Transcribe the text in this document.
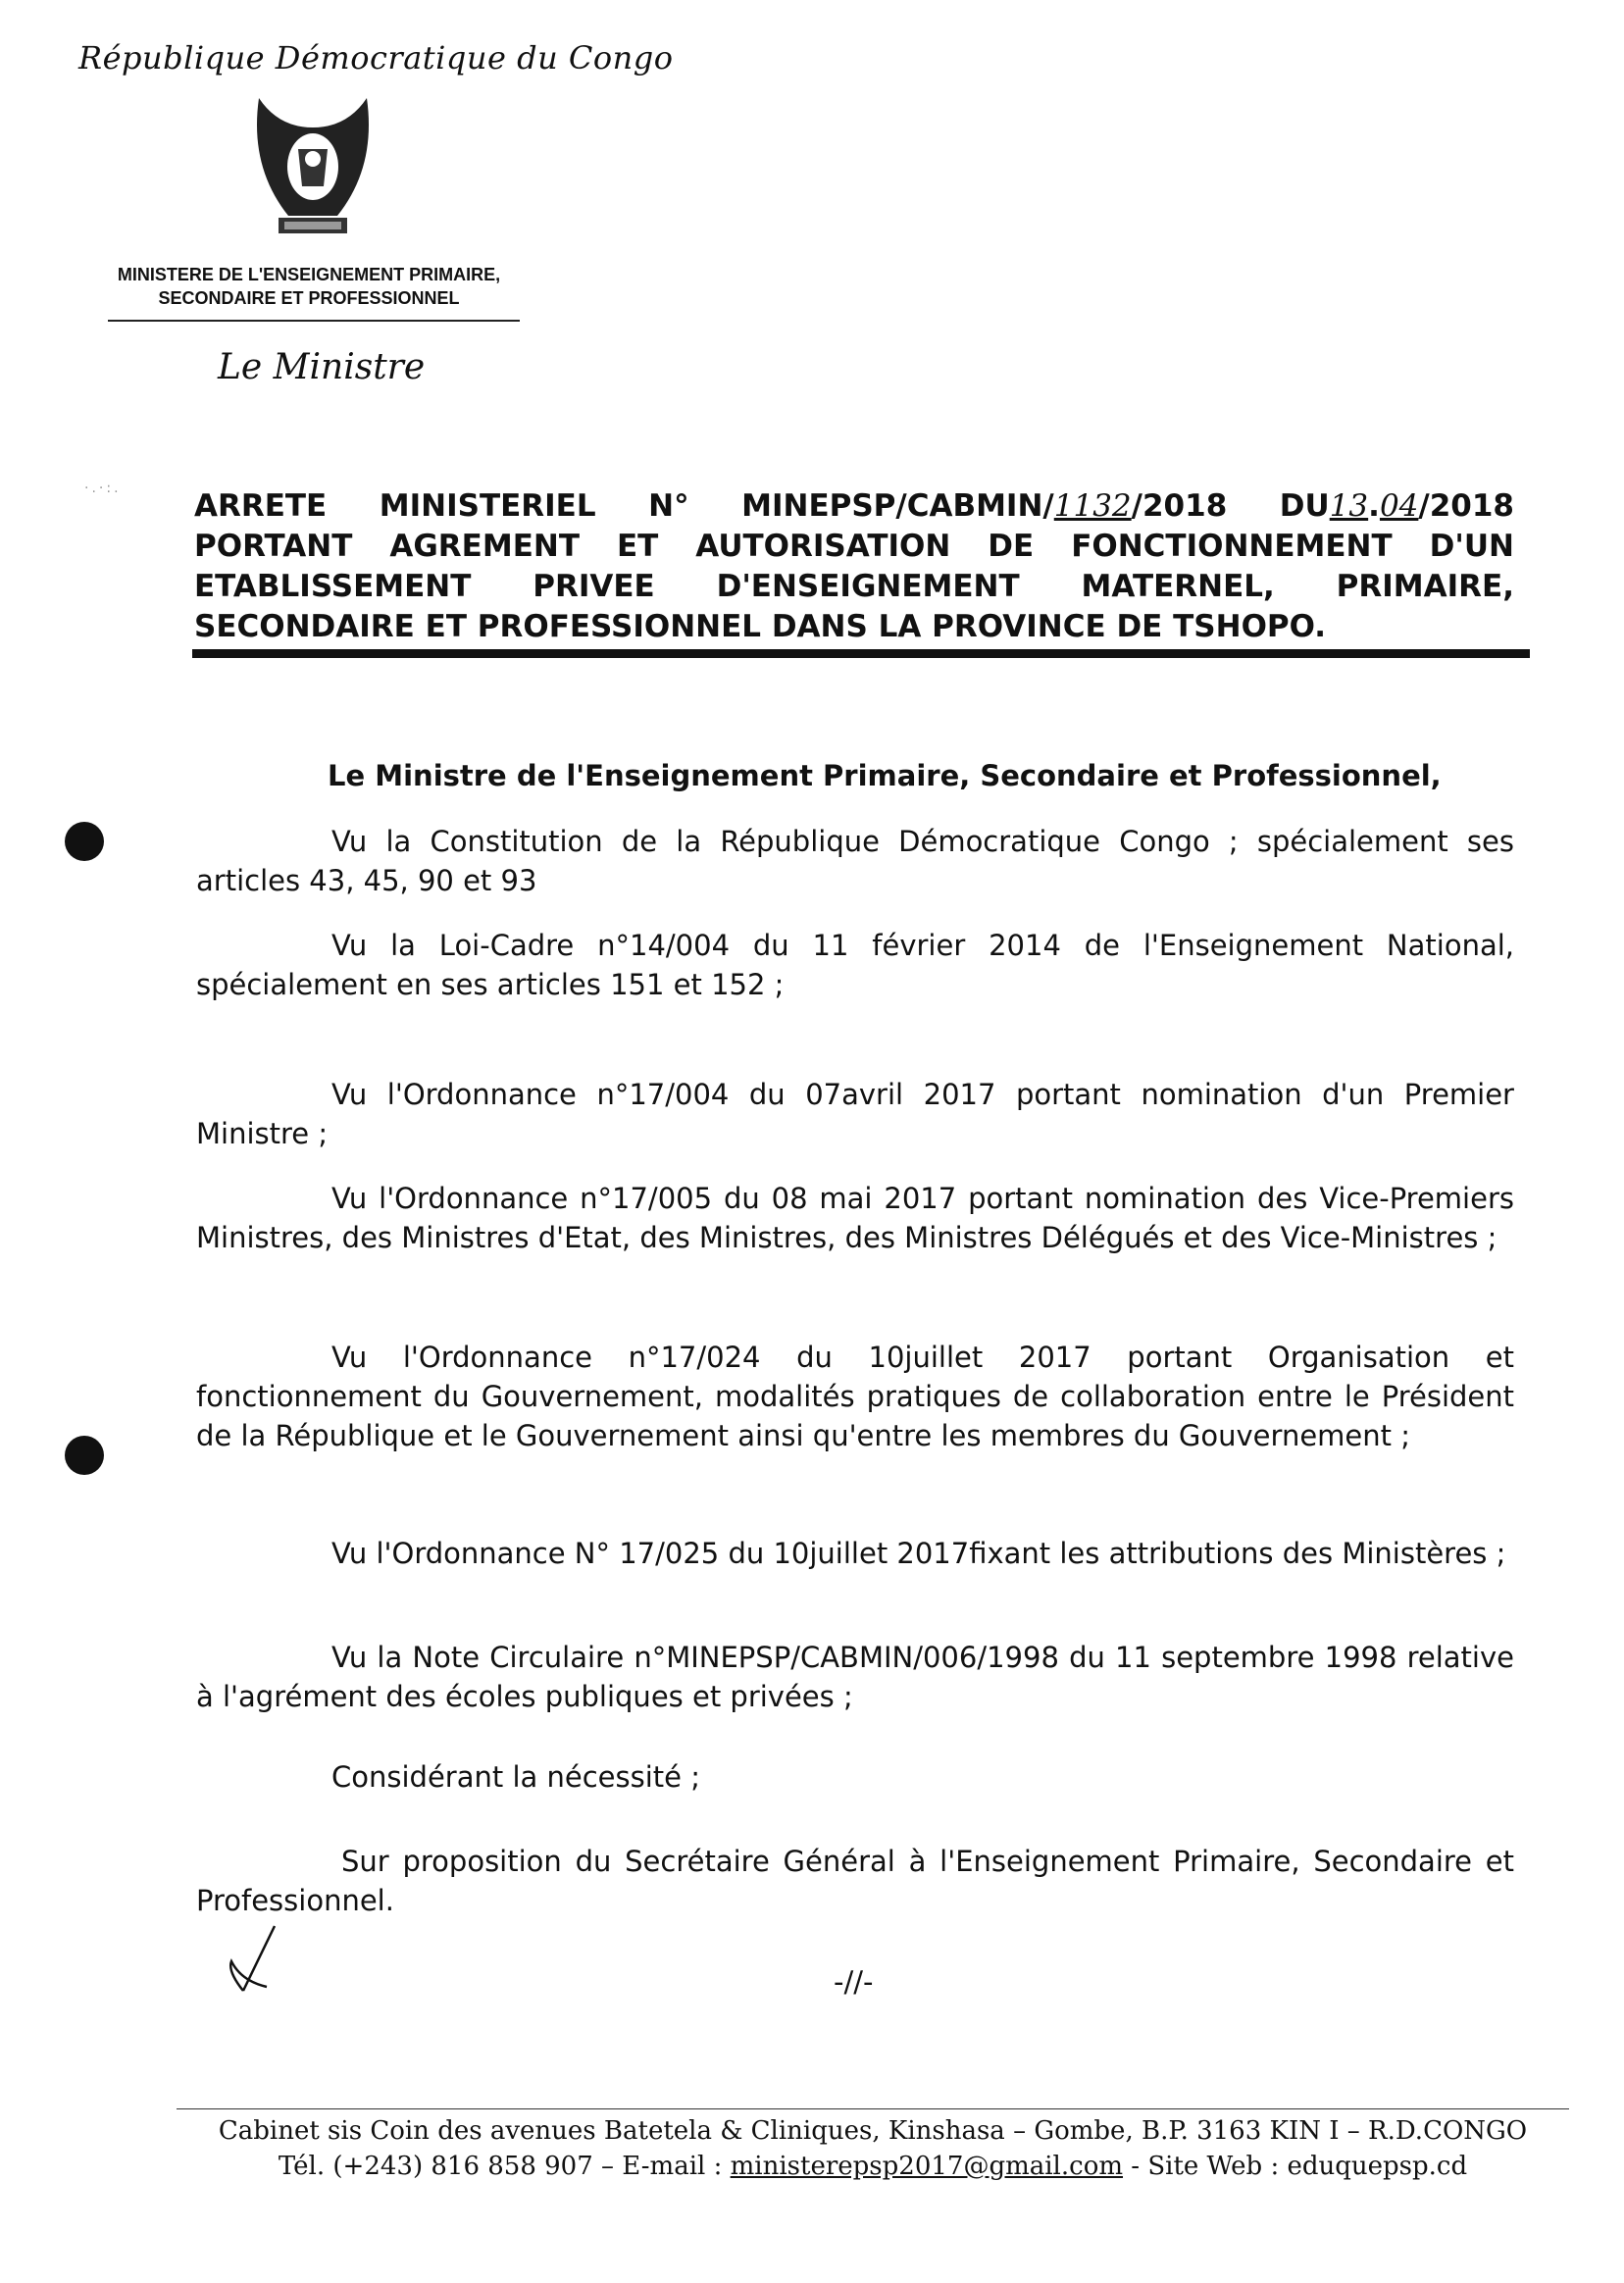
République Démocratique du Congo
MINISTERE DE L'ENSEIGNEMENT PRIMAIRE,
SECONDAIRE ET PROFESSIONNEL
Le Ministre
·.·:. ARRETE MINISTERIEL N° MINEPSP/CABMIN/1132/2018 DU13.04/2018
PORTANT AGREMENT ET AUTORISATION DE FONCTIONNEMENT D'UN
ETABLISSEMENT PRIVEE D'ENSEIGNEMENT MATERNEL, PRIMAIRE,
SECONDAIRE ET PROFESSIONNEL DANS LA PROVINCE DE TSHOPO.
Le Ministre de l'Enseignement Primaire, Secondaire et Professionnel,
Vu la Constitution de la République Démocratique Congo ; spécialement ses articles 43, 45, 90 et 93
Vu la Loi-Cadre n°14/004 du 11 février 2014 de l'Enseignement National, spécialement en ses articles 151 et 152 ;
Vu l'Ordonnance n°17/004 du 07avril 2017 portant nomination d'un Premier Ministre ;
Vu l'Ordonnance n°17/005 du 08 mai 2017 portant nomination des Vice-Premiers Ministres, des Ministres d'Etat, des Ministres, des Ministres Délégués et des Vice-Ministres ;
Vu l'Ordonnance n°17/024 du 10juillet 2017 portant Organisation et fonctionnement du Gouvernement, modalités pratiques de collaboration entre le Président de la République et le Gouvernement ainsi qu'entre les membres du Gouvernement ;
Vu l'Ordonnance N° 17/025 du 10juillet 2017fixant les attributions des Ministères ;
Vu la Note Circulaire n°MINEPSP/CABMIN/006/1998 du 11 septembre 1998 relative à l'agrément des écoles publiques et privées ;
Considérant la nécessité ;
Sur proposition du Secrétaire Général à l'Enseignement Primaire, Secondaire et Professionnel.
-//-
Cabinet sis Coin des avenues Batetela & Cliniques, Kinshasa – Gombe, B.P. 3163 KIN I – R.D.CONGO
Tél. (+243) 816 858 907 – E-mail : ministerepsp2017@gmail.com - Site Web : eduquepsp.cd
